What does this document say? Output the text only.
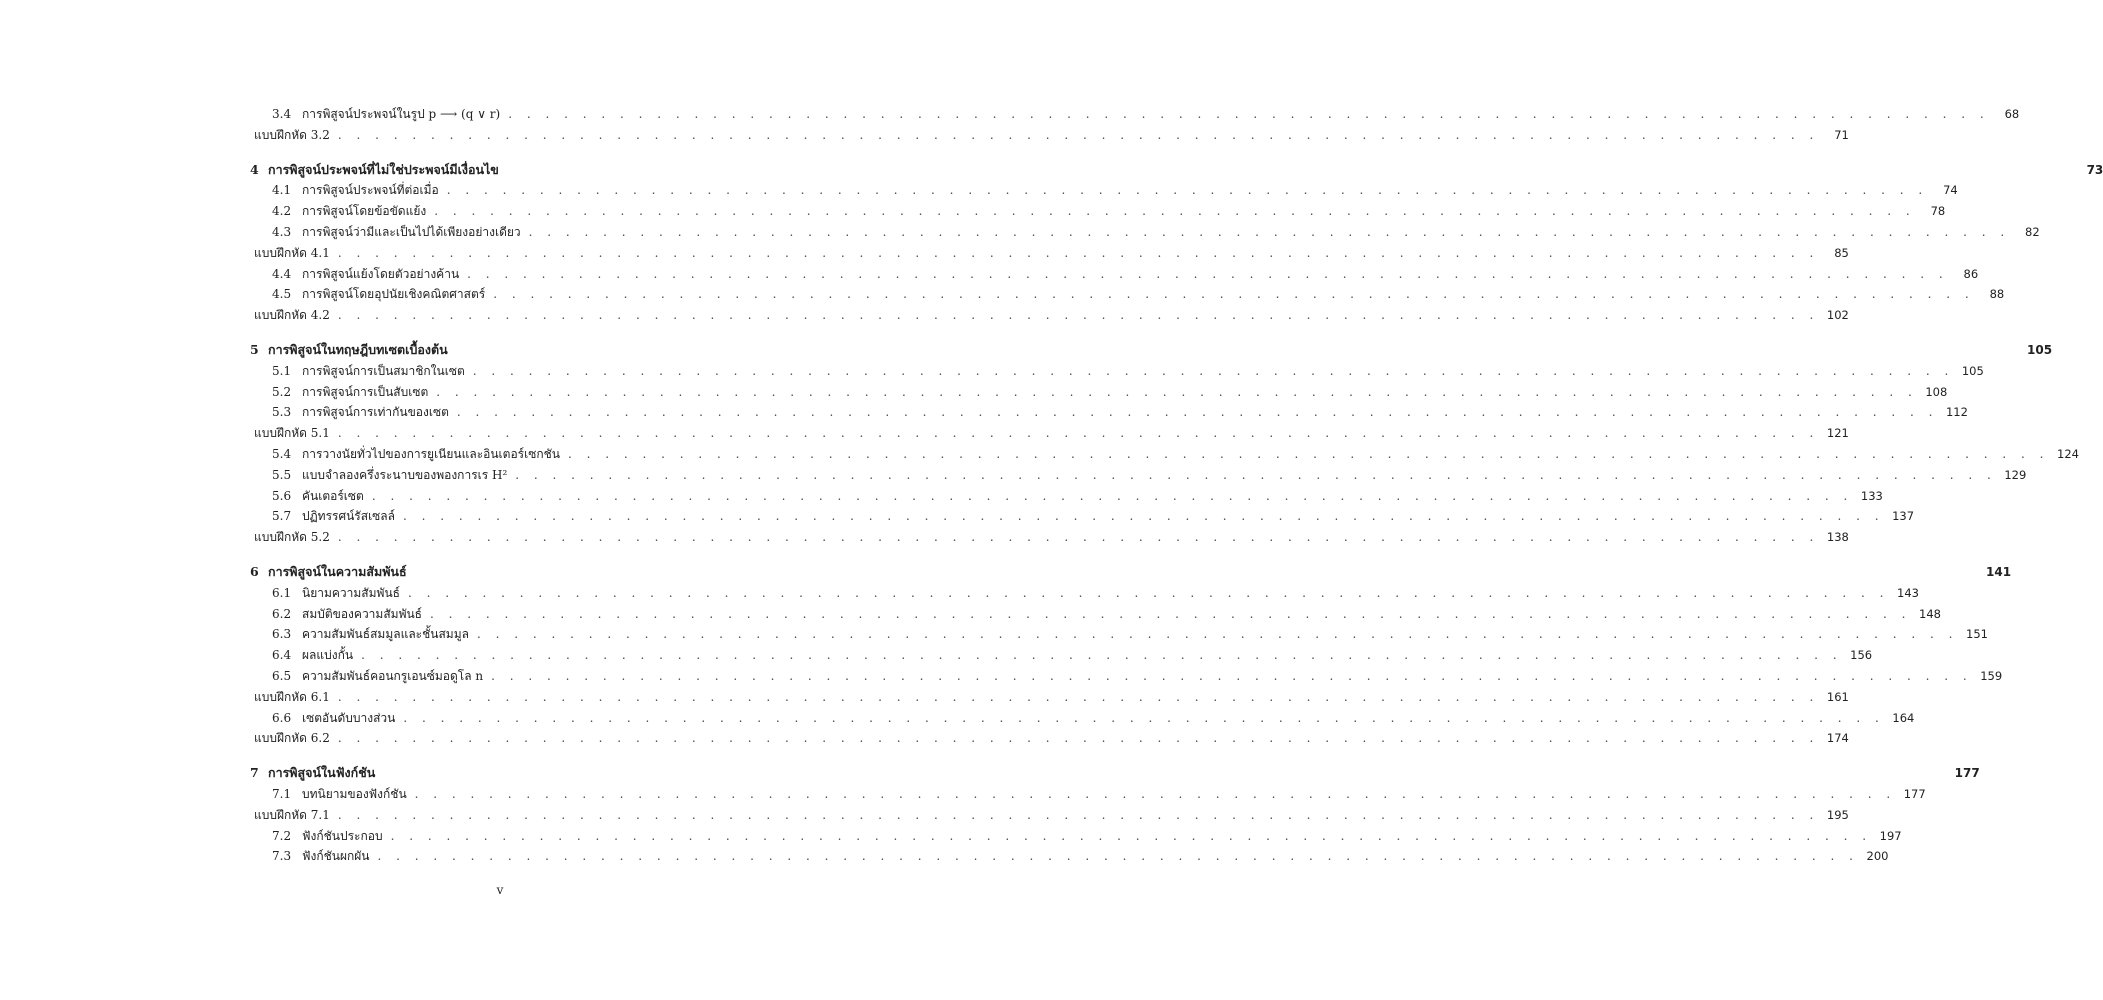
3.4 การพิสูจน์ประพจน์ในรูป p ⟶ (q ∨ r) . . . . . . . . . . . . . . . . . . . . . . . . . . . . . . . . . . . . . . . . . . . . . . . . . . . . . . . . . . . . . . . . . . . . . . . . . . . . . . . .	68
แบบฝึกหัด 3.2 . . . . . . . . . . . . . . . . . . . . . . . . . . . . . . . . . . . . . . . . . . . . . . . . . . . . . . . . . . . . . . . . . . . . . . . . . . . . . . . .	71
4 การพิสูจน์ประพจน์ที่ไม่ใช่ประพจน์มีเงื่อนไข	73
4.1 การพิสูจน์ประพจน์ที่ต่อเมื่อ . . . . . . . . . . . . . . . . . . . . . . . . . . . . . . . . . . . . . . . . . . . . . . . . . . . . . . . . . . . . . . . . . . . . . . . . . . . . . . . .	74
4.2 การพิสูจน์โดยข้อขัดแย้ง . . . . . . . . . . . . . . . . . . . . . . . . . . . . . . . . . . . . . . . . . . . . . . . . . . . . . . . . . . . . . . . . . . . . . . . . . . . . . . . .	78
4.3 การพิสูจน์ว่ามีและเป็นไปได้เพียงอย่างเดียว . . . . . . . . . . . . . . . . . . . . . . . . . . . . . . . . . . . . . . . . . . . . . . . . . . . . . . . . . . . . . . . . . . . . . . . . . . . . . . . .	82
แบบฝึกหัด 4.1 . . . . . . . . . . . . . . . . . . . . . . . . . . . . . . . . . . . . . . . . . . . . . . . . . . . . . . . . . . . . . . . . . . . . . . . . . . . . . . . .	85
4.4 การพิสูจน์แย้งโดยตัวอย่างค้าน . . . . . . . . . . . . . . . . . . . . . . . . . . . . . . . . . . . . . . . . . . . . . . . . . . . . . . . . . . . . . . . . . . . . . . . . . . . . . . . .	86
4.5 การพิสูจน์โดยอุปนัยเชิงคณิตศาสตร์ . . . . . . . . . . . . . . . . . . . . . . . . . . . . . . . . . . . . . . . . . . . . . . . . . . . . . . . . . . . . . . . . . . . . . . . . . . . . . . . .	88
แบบฝึกหัด 4.2 . . . . . . . . . . . . . . . . . . . . . . . . . . . . . . . . . . . . . . . . . . . . . . . . . . . . . . . . . . . . . . . . . . . . . . . . . . . . . . . . 102
5 การพิสูจน์ในทฤษฎีบทเซตเบื้องต้น	105
5.1 การพิสูจน์การเป็นสมาชิกในเซต . . . . . . . . . . . . . . . . . . . . . . . . . . . . . . . . . . . . . . . . . . . . . . . . . . . . . . . . . . . . . . . . . . . . . . . . . . . . . . . . 105
5.2 การพิสูจน์การเป็นสับเซต . . . . . . . . . . . . . . . . . . . . . . . . . . . . . . . . . . . . . . . . . . . . . . . . . . . . . . . . . . . . . . . . . . . . . . . . . . . . . . . . 108
5.3 การพิสูจน์การเท่ากันของเซต . . . . . . . . . . . . . . . . . . . . . . . . . . . . . . . . . . . . . . . . . . . . . . . . . . . . . . . . . . . . . . . . . . . . . . . . . . . . . . . . 112
แบบฝึกหัด 5.1 . . . . . . . . . . . . . . . . . . . . . . . . . . . . . . . . . . . . . . . . . . . . . . . . . . . . . . . . . . . . . . . . . . . . . . . . . . . . . . . . 121
5.4 การวางนัยทั่วไปของการยูเนียนและอินเตอร์เซกชัน . . . . . . . . . . . . . . . . . . . . . . . . . . . . . . . . . . . . . . . . . . . . . . . . . . . . . . . . . . . . . . . . . . . . . . . . . . . . . . . . 124
5.5 แบบจำลองครึ่งระนาบของพองการเร H² . . . . . . . . . . . . . . . . . . . . . . . . . . . . . . . . . . . . . . . . . . . . . . . . . . . . . . . . . . . . . . . . . . . . . . . . . . . . . . . . 129
5.6 คันเตอร์เซต . . . . . . . . . . . . . . . . . . . . . . . . . . . . . . . . . . . . . . . . . . . . . . . . . . . . . . . . . . . . . . . . . . . . . . . . . . . . . . . . 133
5.7 ปฏิทรรศน์รัสเซลล์ . . . . . . . . . . . . . . . . . . . . . . . . . . . . . . . . . . . . . . . . . . . . . . . . . . . . . . . . . . . . . . . . . . . . . . . . . . . . . . . . 137
แบบฝึกหัด 5.2 . . . . . . . . . . . . . . . . . . . . . . . . . . . . . . . . . . . . . . . . . . . . . . . . . . . . . . . . . . . . . . . . . . . . . . . . . . . . . . . . 138
6 การพิสูจน์ในความสัมพันธ์	141
6.1 นิยามความสัมพันธ์ . . . . . . . . . . . . . . . . . . . . . . . . . . . . . . . . . . . . . . . . . . . . . . . . . . . . . . . . . . . . . . . . . . . . . . . . . . . . . . . . 143
6.2 สมบัติของความสัมพันธ์ . . . . . . . . . . . . . . . . . . . . . . . . . . . . . . . . . . . . . . . . . . . . . . . . . . . . . . . . . . . . . . . . . . . . . . . . . . . . . . . . 148
6.3 ความสัมพันธ์สมมูลและชั้นสมมูล . . . . . . . . . . . . . . . . . . . . . . . . . . . . . . . . . . . . . . . . . . . . . . . . . . . . . . . . . . . . . . . . . . . . . . . . . . . . . . . . 151
6.4 ผลแบ่งกั้น . . . . . . . . . . . . . . . . . . . . . . . . . . . . . . . . . . . . . . . . . . . . . . . . . . . . . . . . . . . . . . . . . . . . . . . . . . . . . . . . 156
6.5 ความสัมพันธ์คอนกรูเอนซ์มอดูโล n . . . . . . . . . . . . . . . . . . . . . . . . . . . . . . . . . . . . . . . . . . . . . . . . . . . . . . . . . . . . . . . . . . . . . . . . . . . . . . . . 159
แบบฝึกหัด 6.1 . . . . . . . . . . . . . . . . . . . . . . . . . . . . . . . . . . . . . . . . . . . . . . . . . . . . . . . . . . . . . . . . . . . . . . . . . . . . . . . . 161
6.6 เซตอันดับบางส่วน . . . . . . . . . . . . . . . . . . . . . . . . . . . . . . . . . . . . . . . . . . . . . . . . . . . . . . . . . . . . . . . . . . . . . . . . . . . . . . . . 164
แบบฝึกหัด 6.2 . . . . . . . . . . . . . . . . . . . . . . . . . . . . . . . . . . . . . . . . . . . . . . . . . . . . . . . . . . . . . . . . . . . . . . . . . . . . . . . . 174
7 การพิสูจน์ในฟังก์ชัน	177
7.1 บทนิยามของฟังก์ชัน . . . . . . . . . . . . . . . . . . . . . . . . . . . . . . . . . . . . . . . . . . . . . . . . . . . . . . . . . . . . . . . . . . . . . . . . . . . . . . . . 177
แบบฝึกหัด 7.1 . . . . . . . . . . . . . . . . . . . . . . . . . . . . . . . . . . . . . . . . . . . . . . . . . . . . . . . . . . . . . . . . . . . . . . . . . . . . . . . . 195
7.2 ฟังก์ชันประกอบ . . . . . . . . . . . . . . . . . . . . . . . . . . . . . . . . . . . . . . . . . . . . . . . . . . . . . . . . . . . . . . . . . . . . . . . . . . . . . . . . 197
7.3 ฟังก์ชันผกผัน . . . . . . . . . . . . . . . . . . . . . . . . . . . . . . . . . . . . . . . . . . . . . . . . . . . . . . . . . . . . . . . . . . . . . . . . . . . . . . . . 200
v
